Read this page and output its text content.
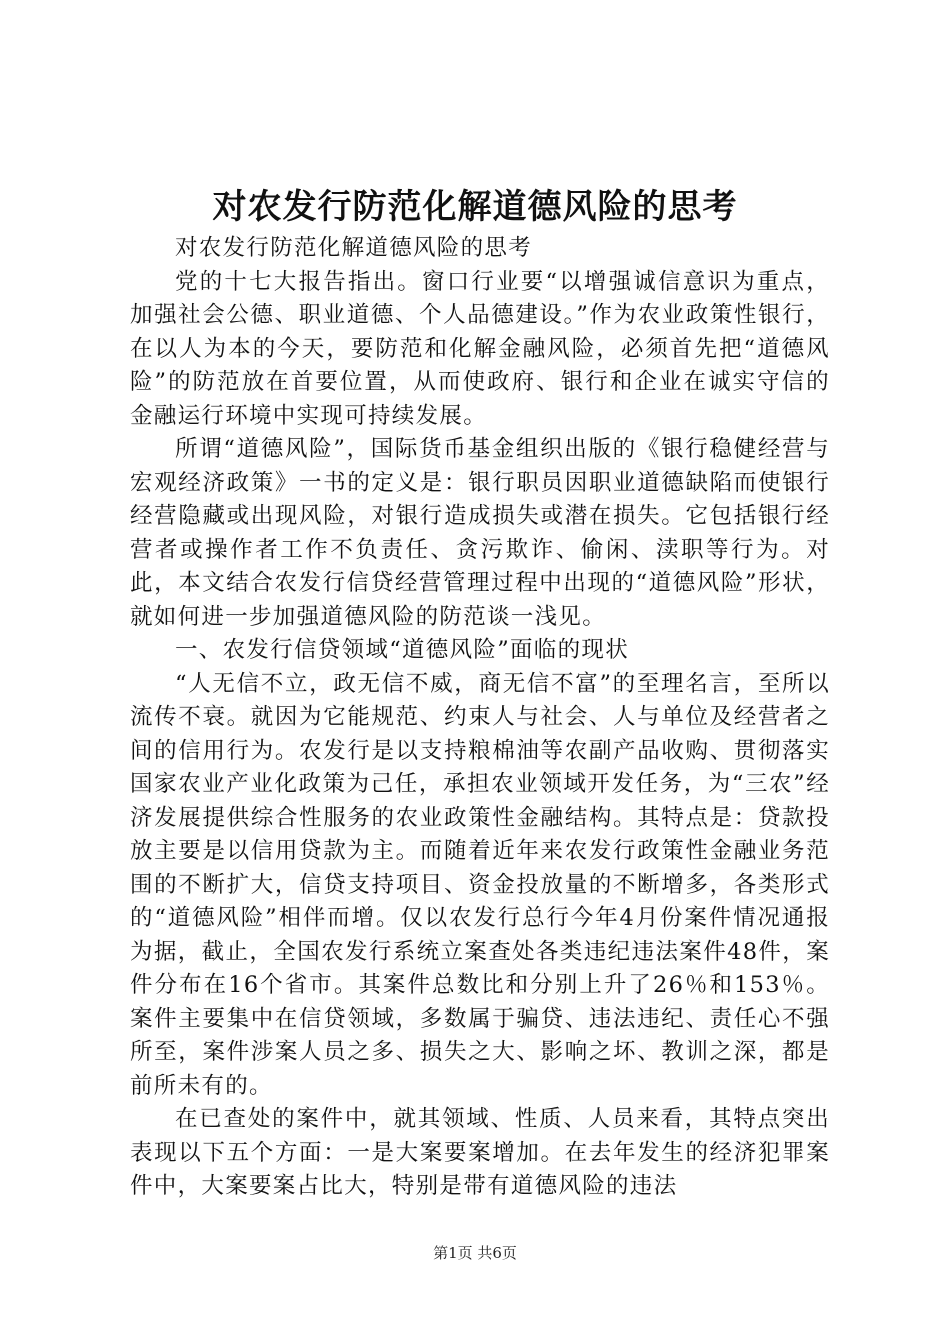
对农发行防范化解道德风险的思考

对农发行防范化解道德风险的思考

党的十七大报告指出。窗口行业要“以增强诚信意识为重点，加强社会公德、职业道德、个人品德建设。”作为农业政策性银行，在以人为本的今天，要防范和化解金融风险，必须首先把“道德风险”的防范放在首要位置，从而使政府、银行和企业在诚实守信的金融运行环境中实现可持续发展。

所谓“道德风险”，国际货币基金组织出版的《银行稳健经营与宏观经济政策》一书的定义是：银行职员因职业道德缺陷而使银行经营隐藏或出现风险，对银行造成损失或潜在损失。它包括银行经营者或操作者工作不负责任、贪污欺诈、偷闲、渎职等行为。对此，本文结合农发行信贷经营管理过程中出现的“道德风险”形状，就如何进一步加强道德风险的防范谈一浅见。

一、农发行信贷领域“道德风险”面临的现状

“人无信不立，政无信不威，商无信不富”的至理名言，至所以流传不衰。就因为它能规范、约束人与社会、人与单位及经营者之间的信用行为。农发行是以支持粮棉油等农副产品收购、贯彻落实国家农业产业化政策为己任，承担农业领域开发任务，为“三农”经济发展提供综合性服务的农业政策性金融结构。其特点是：贷款投放主要是以信用贷款为主。而随着近年来农发行政策性金融业务范围的不断扩大，信贷支持项目、资金投放量的不断增多，各类形式的“道德风险”相伴而增。仅以农发行总行今年4月份案件情况通报为据，截止，全国农发行系统立案查处各类违纪违法案件48件，案件分布在16个省市。其案件总数比和分别上升了26％和153％。案件主要集中在信贷领域，多数属于骗贷、违法违纪、责任心不强所至，案件涉案人员之多、损失之大、影响之坏、教训之深，都是前所未有的。

在已查处的案件中，就其领域、性质、人员来看，其特点突出表现以下五个方面：一是大案要案增加。在去年发生的经济犯罪案件中，大案要案占比大，特别是带有道德风险的违法

第1页 共6页
